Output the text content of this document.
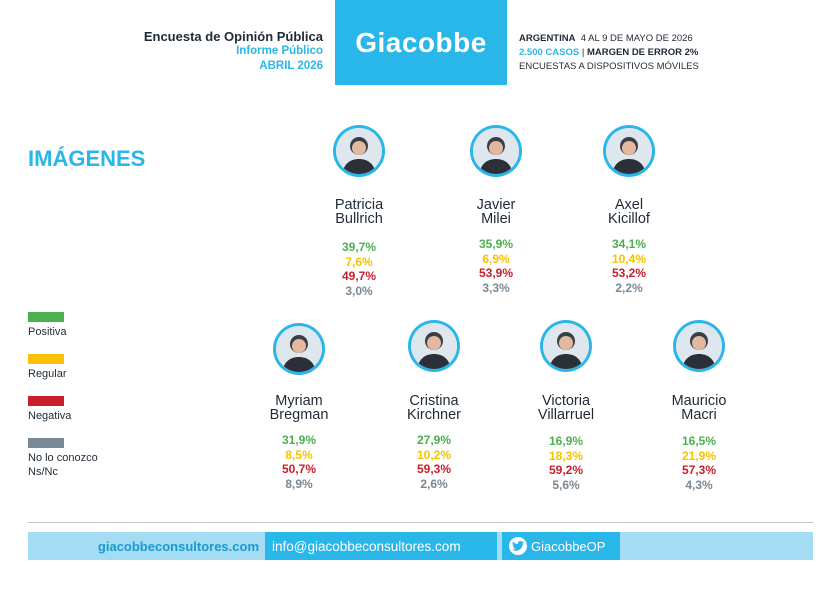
Encuesta de Opinión Pública
Informe Público
ABRIL 2026
Giacobbe	ARGENTINA 4 AL 9 DE MAYO DE 2026
2.500 CASOS | MARGEN DE ERROR 2%
ENCUESTAS A DISPOSITIVOS MÓVILES
IMÁGENES
Patricia
Bullrich
39,7%
7,6%
49,7%
3,0%
Javier
Milei
35,9%
6,9%
53,9%
3,3%
Axel
Kicillof
34,1%
10,4%
53,2%
2,2%
Myriam
Bregman
31,9%
8,5%
50,7%
8,9%
Cristina
Kirchner
27,9%
10,2%
59,3%
2,6%
Victoria
Villarruel
16,9%
18,3%
59,2%
5,6%
Mauricio
Macri
16,5%
21,9%
57,3%
4,3%
Positiva
Regular
Negativa
No lo conozco
Ns/Nc
giacobbeconsultores.com info@giacobbeconsultores.com	GiacobbeOP
